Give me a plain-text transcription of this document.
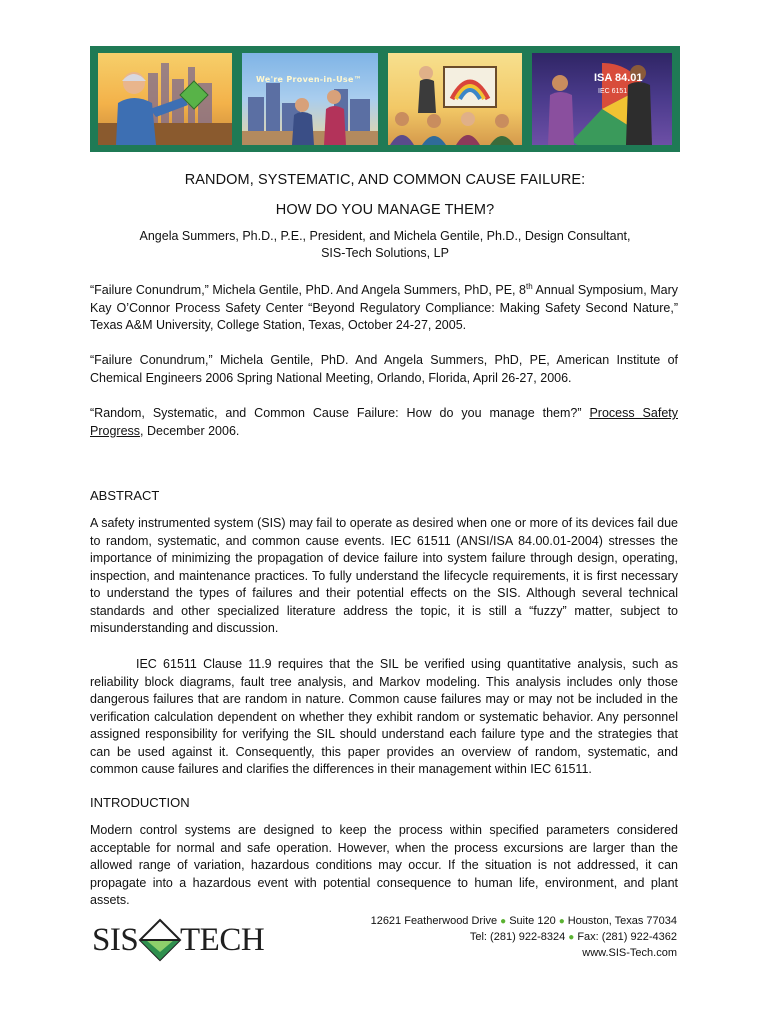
We're Proven-in-Use™	ISA 84.01
IEC 6151
RANDOM, SYSTEMATIC, AND COMMON CAUSE FAILURE:
HOW DO YOU MANAGE THEM?
Angela Summers, Ph.D., P.E., President, and Michela Gentile, Ph.D., Design Consultant,
SIS-Tech Solutions, LP

“Failure Conundrum,” Michela Gentile, PhD. And Angela Summers, PhD, PE, 8th Annual Symposium, Mary Kay O’Connor Process Safety Center “Beyond Regulatory Compliance: Making Safety Second Nature,” Texas A&M University, College Station, Texas, October 24-27, 2005.

“Failure Conundrum,” Michela Gentile, PhD. And Angela Summers, PhD, PE, American Institute of Chemical Engineers 2006 Spring National Meeting, Orlando, Florida, April 26-27, 2006.

“Random, Systematic, and Common Cause Failure: How do you manage them?” Process Safety Progress, December 2006.

ABSTRACT

A safety instrumented system (SIS) may fail to operate as desired when one or more of its devices fail due to random, systematic, and common cause events. IEC 61511 (ANSI/ISA 84.00.01-2004) stresses the importance of minimizing the propagation of device failure into system failure through design, operating, inspection, and maintenance practices. To fully understand the lifecycle requirements, it is first necessary to understand the types of failures and their potential effects on the SIS. Although several technical standards and other specialized literature address the topic, it is still a “fuzzy” matter, subject to misunderstanding and discussion.

IEC 61511 Clause 11.9 requires that the SIL be verified using quantitative analysis, such as reliability block diagrams, fault tree analysis, and Markov modeling. This analysis includes only those dangerous failures that are random in nature. Common cause failures may or may not be included in the verification calculation dependent on whether they exhibit random or systematic behavior. Any personnel assigned responsibility for verifying the SIL should understand each failure type and the strategies that can be used against it. Consequently, this paper provides an overview of random, systematic, and common cause failures and clarifies the differences in their management within IEC 61511.

INTRODUCTION

Modern control systems are designed to keep the process within specified parameters considered acceptable for normal and safe operation. However, when the process excursions are larger than the allowed range of variation, hazardous conditions may occur. If the situation is not addressed, it can propagate into a hazardous event with potential consequence to human life, environment, and plant assets.

SIS TECH
12621 Featherwood Drive ● Suite 120 ● Houston, Texas 77034
Tel: (281) 922-8324 ● Fax: (281) 922-4362
www.SIS-Tech.com
